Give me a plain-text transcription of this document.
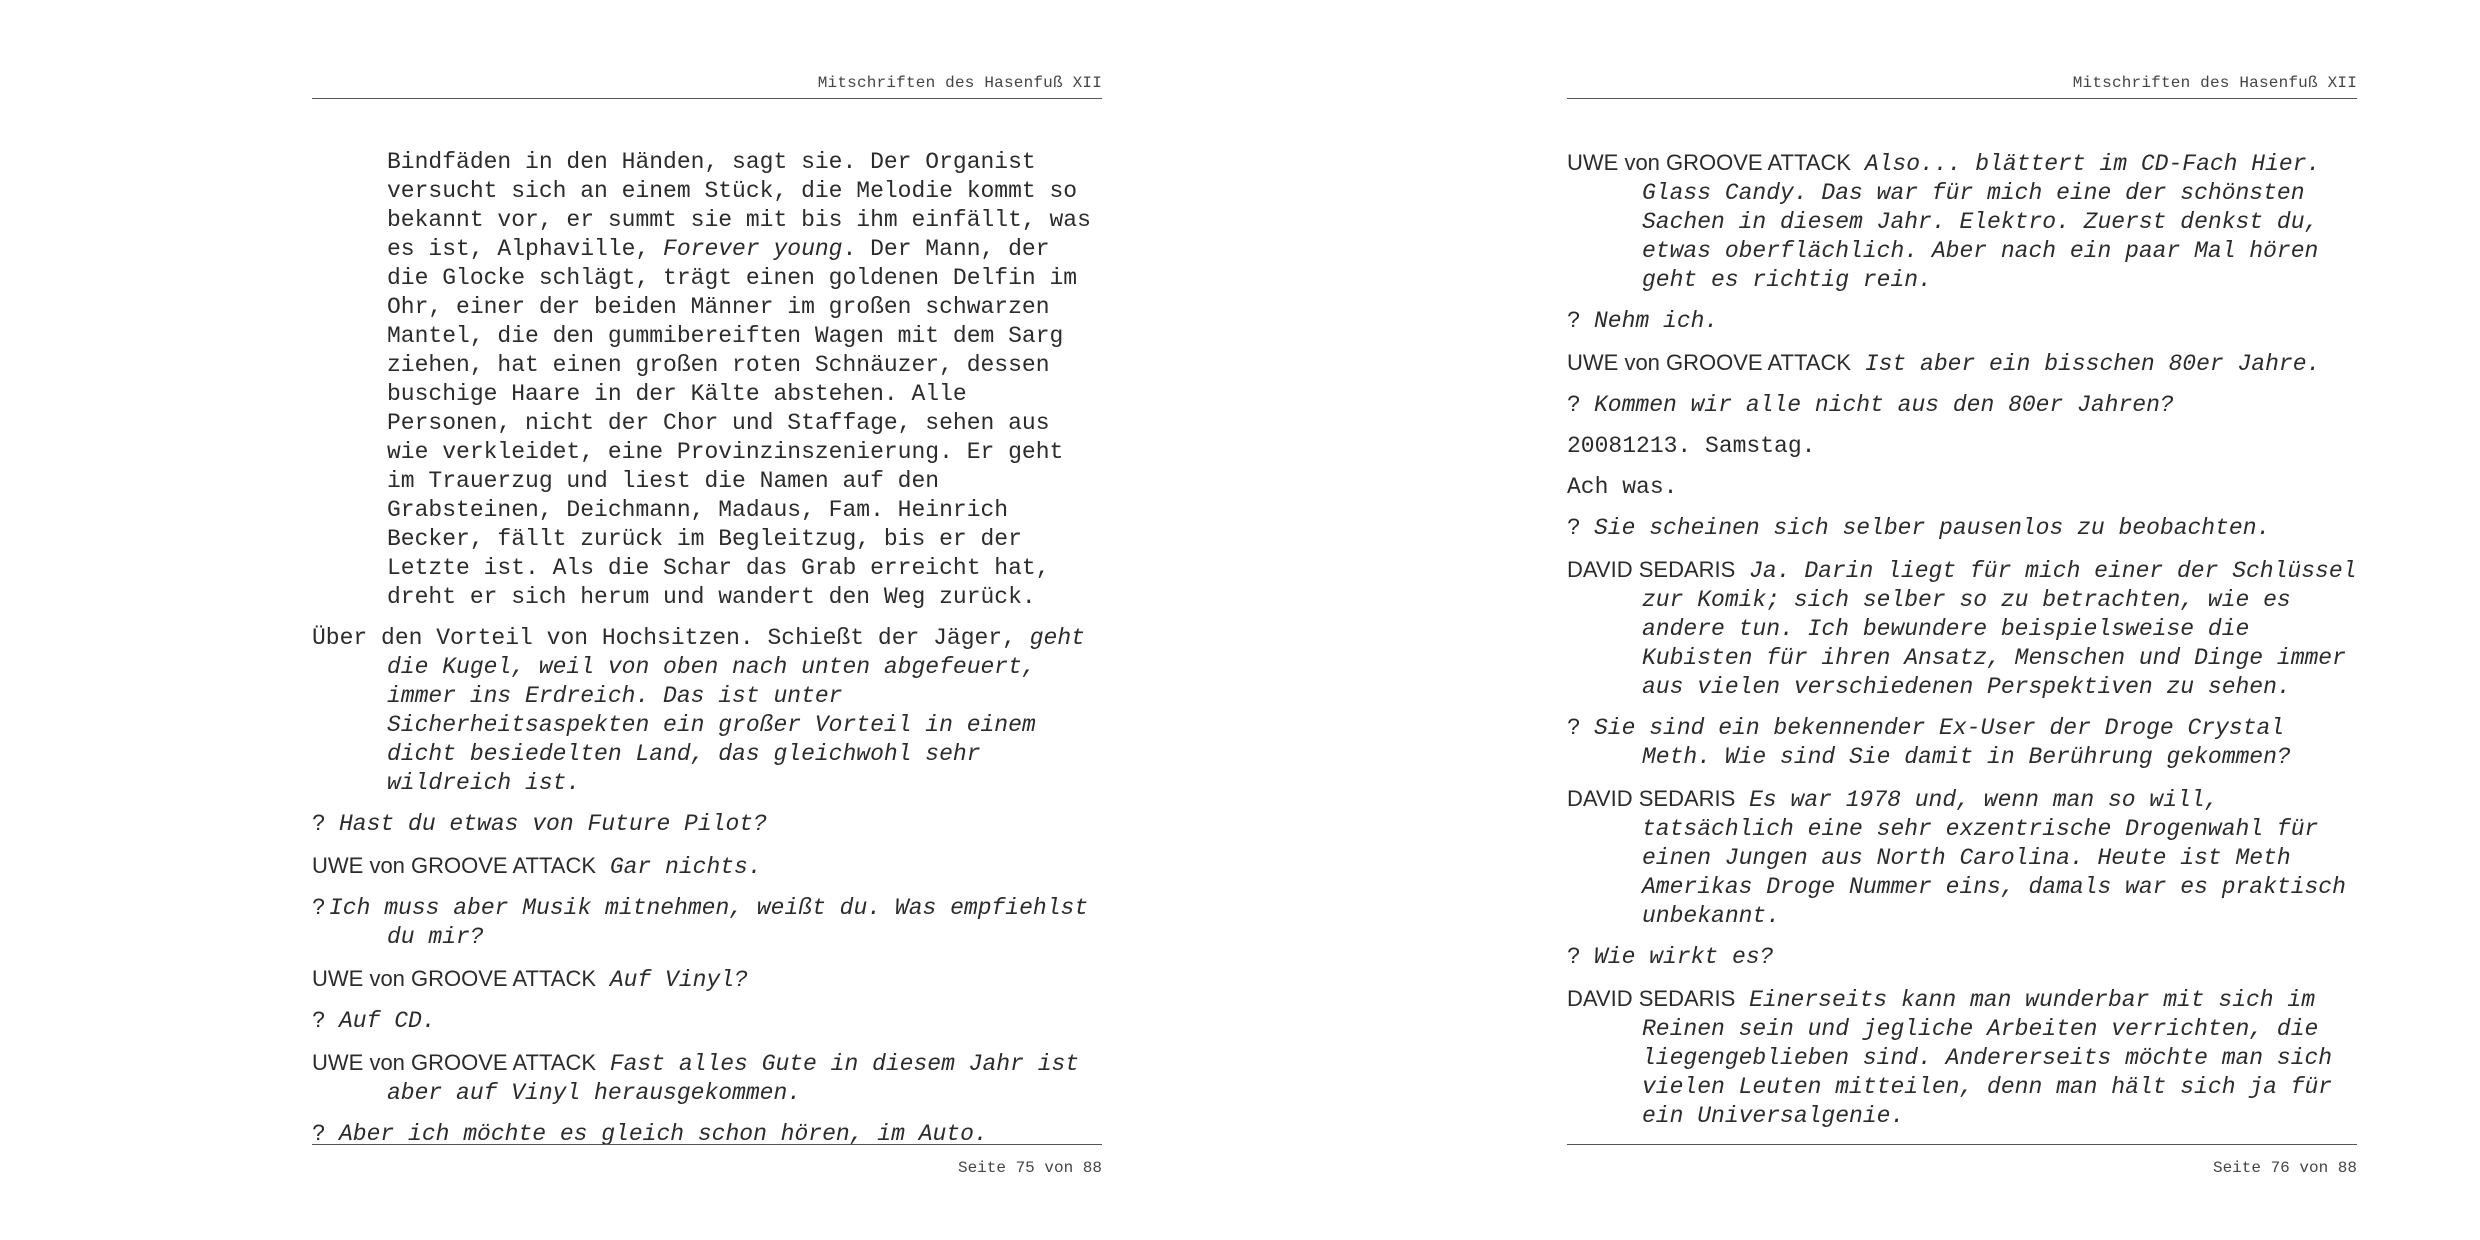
Mitschriften des Hasenfuß XII

Bindfäden in den Händen, sagt sie. Der Organist versucht sich an einem Stück, die Melodie kommt so bekannt vor, er summt sie mit bis ihm einfällt, was es ist, Alphaville, Forever young. Der Mann, der die Glocke schlägt, trägt einen goldenen Delfin im Ohr, einer der beiden Männer im großen schwarzen Mantel, die den gummibereiften Wagen mit dem Sarg ziehen, hat einen großen roten Schnäuzer, dessen buschige Haare in der Kälte abstehen. Alle Personen, nicht der Chor und Staffage, sehen aus wie verkleidet, eine Provinzinszenierung. Er geht im Trauerzug und liest die Namen auf den Grabsteinen, Deichmann, Madaus, Fam. Heinrich Becker, fällt zurück im Begleitzug, bis er der Letzte ist. Als die Schar das Grab erreicht hat, dreht er sich herum und wandert den Weg zurück.

Über den Vorteil von Hochsitzen. Schießt der Jäger, geht die Kugel, weil von oben nach unten abgefeuert, immer ins Erdreich. Das ist unter Sicherheitsaspekten ein großer Vorteil in einem dicht besiedelten Land, das gleichwohl sehr wildreich ist.

? Hast du etwas von Future Pilot?

UWE von GROOVE ATTACK Gar nichts.

? Ich muss aber Musik mitnehmen, weißt du. Was empfiehlst du mir?

UWE von GROOVE ATTACK Auf Vinyl?

? Auf CD.

UWE von GROOVE ATTACK Fast alles Gute in diesem Jahr ist aber auf Vinyl herausgekommen.

? Aber ich möchte es gleich schon hören, im Auto.

Seite 75 von 88
Mitschriften des Hasenfuß XII

UWE von GROOVE ATTACK Also... blättert im CD-Fach Hier. Glass Candy. Das war für mich eine der schönsten Sachen in diesem Jahr. Elektro. Zuerst denkst du, etwas oberflächlich. Aber nach ein paar Mal hören geht es richtig rein.

? Nehm ich.

UWE von GROOVE ATTACK Ist aber ein bisschen 80er Jahre.

? Kommen wir alle nicht aus den 80er Jahren?

20081213. Samstag.

Ach was.

? Sie scheinen sich selber pausenlos zu beobachten.

DAVID SEDARIS Ja. Darin liegt für mich einer der Schlüssel zur Komik; sich selber so zu betrachten, wie es andere tun. Ich bewundere beispielsweise die Kubisten für ihren Ansatz, Menschen und Dinge immer aus vielen verschiedenen Perspektiven zu sehen.

? Sie sind ein bekennender Ex-User der Droge Crystal Meth. Wie sind Sie damit in Berührung gekommen?

DAVID SEDARIS Es war 1978 und, wenn man so will, tatsächlich eine sehr exzentrische Drogenwahl für einen Jungen aus North Carolina. Heute ist Meth Amerikas Droge Nummer eins, damals war es praktisch unbekannt.

? Wie wirkt es?

DAVID SEDARIS Einerseits kann man wunderbar mit sich im Reinen sein und jegliche Arbeiten verrichten, die liegengeblieben sind. Andererseits möchte man sich vielen Leuten mitteilen, denn man hält sich ja für ein Universalgenie.

Seite 76 von 88
